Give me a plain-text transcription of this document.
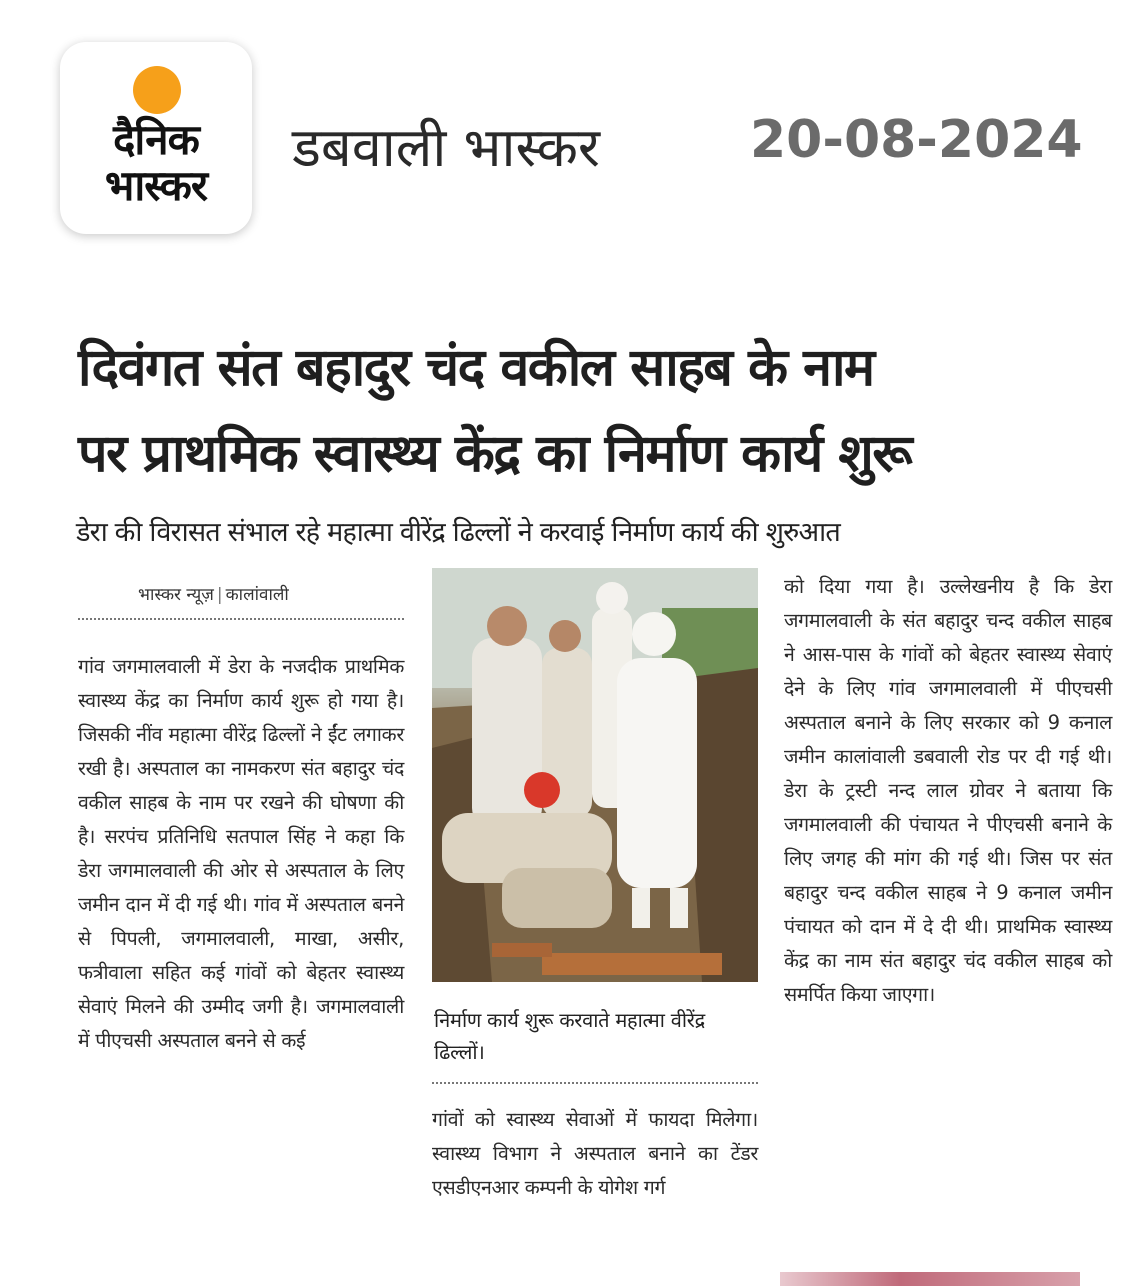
दैनिक
भास्कर
डबवाली भास्कर	20-08-2024
दिवंगत संत बहादुर चंद वकील साहब के नाम
पर प्राथमिक स्वास्थ्य केंद्र का निर्माण कार्य शुरू
डेरा की विरासत संभाल रहे महात्मा वीरेंद्र ढिल्लों ने करवाई निर्माण कार्य की शुरुआत
भास्कर न्यूज़ | कालांवाली
गांव जगमालवाली में डेरा के नजदीक प्राथमिक स्वास्थ्य केंद्र का निर्माण कार्य शुरू हो गया है। जिसकी नींव महात्मा वीरेंद्र ढिल्लों ने ईंट लगाकर रखी है। अस्पताल का नामकरण संत बहादुर चंद वकील साहब के नाम पर रखने की घोषणा की है। सरपंच प्रतिनिधि सतपाल सिंह ने कहा कि डेरा जगमालवाली की ओर से अस्पताल के लिए जमीन दान में दी गई थी। गांव में अस्पताल बनने से पिपली, जगमालवाली, माखा, असीर, फत्रीवाला सहित कई गांवों को बेहतर स्वास्थ्य सेवाएं मिलने की उम्मीद जगी है। जगमालवाली में पीएचसी अस्पताल बनने से कई
निर्माण कार्य शुरू करवाते महात्मा वीरेंद्र ढिल्लों।
गांवों को स्वास्थ्य सेवाओं में फायदा मिलेगा। स्वास्थ्य विभाग ने अस्पताल बनाने का टेंडर एसडीएनआर कम्पनी के योगेश गर्ग
को दिया गया है। उल्लेखनीय है कि डेरा जगमालवाली के संत बहादुर चन्द वकील साहब ने आस-पास के गांवों को बेहतर स्वास्थ्य सेवाएं देने के लिए गांव जगमालवाली में पीएचसी अस्पताल बनाने के लिए सरकार को 9 कनाल जमीन कालांवाली डबवाली रोड पर दी गई थी। डेरा के ट्रस्टी नन्द लाल ग्रोवर ने बताया कि जगमालवाली की पंचायत ने पीएचसी बनाने के लिए जगह की मांग की गई थी। जिस पर संत बहादुर चन्द वकील साहब ने 9 कनाल जमीन पंचायत को दान में दे दी थी। प्राथमिक स्वास्थ्य केंद्र का नाम संत बहादुर चंद वकील साहब को समर्पित किया जाएगा।
